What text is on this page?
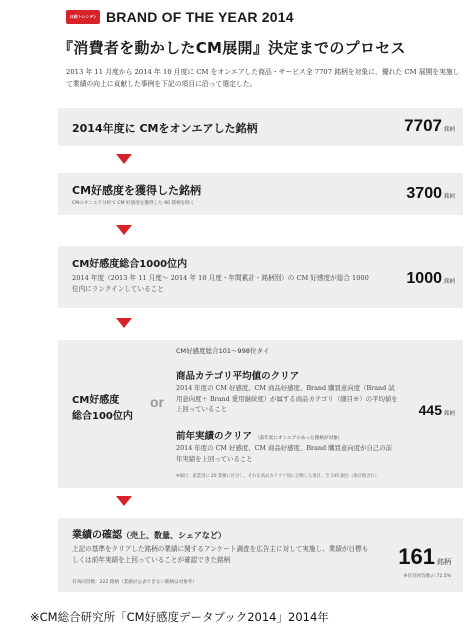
日経トレンディ BRAND OF THE YEAR 2014
『消費者を動かしたCM展開』決定までのプロセス
2013 年 11 月度から 2014 年 10 月度に CM をオンエアした商品・サービス全 7707 銘柄を対象に、優れた CM 展開を実施して業績の向上に貢献した事例を下記の項目に沿って選定した。
2014年度に CMをオンエアした銘柄	7707 銘柄
CM好感度を獲得した銘柄
CMのオンエア分析で CM 好感度を獲得した 60 銘柄を除く
3700 銘柄
CM好感度総合1000位内
2014 年度（2013 年 11 月度～ 2014 年 10 月度・年間累計・銘柄別）の CM 好感度が総合 1000 位内にランクインしていること
1000 銘柄
CM好感度
総合100位内
or
CM好感度総合101～998位タイ
商品カテゴリ平均値のクリア
2014 年度の CM 好感度、CM 商品好感度、Brand 購買意向度（Brand 試用意向度＋ Brand 愛用継続度）が属する商品カテゴリ（細目※）の平均値を上回っていること
前年実績のクリア （前年度にオンエアのあった銘柄が対象）
2014 年度の CM 好感度、CM 商品好感度、Brand 購買意向度が自己の前年実績を上回っていること
※細目：産業別に 20 業種に区分し、それを商品カテゴリ別に分類した項目。全 145 細目（推計値含む）
445 銘柄
業績の確認（売上、数量、シェアなど）
上記の基準をクリアした銘柄の業績に関するアンケート調査を広告主に対して実施し、業績が目標もしくは前年実績を上回っていることが確認できた銘柄
有効回答数：222 銘柄（業績が公表できない銘柄は対象外）
161 銘柄
※有効回答数の 72.5%
※CM総合研究所「CM好感度データブック2014」2014年
